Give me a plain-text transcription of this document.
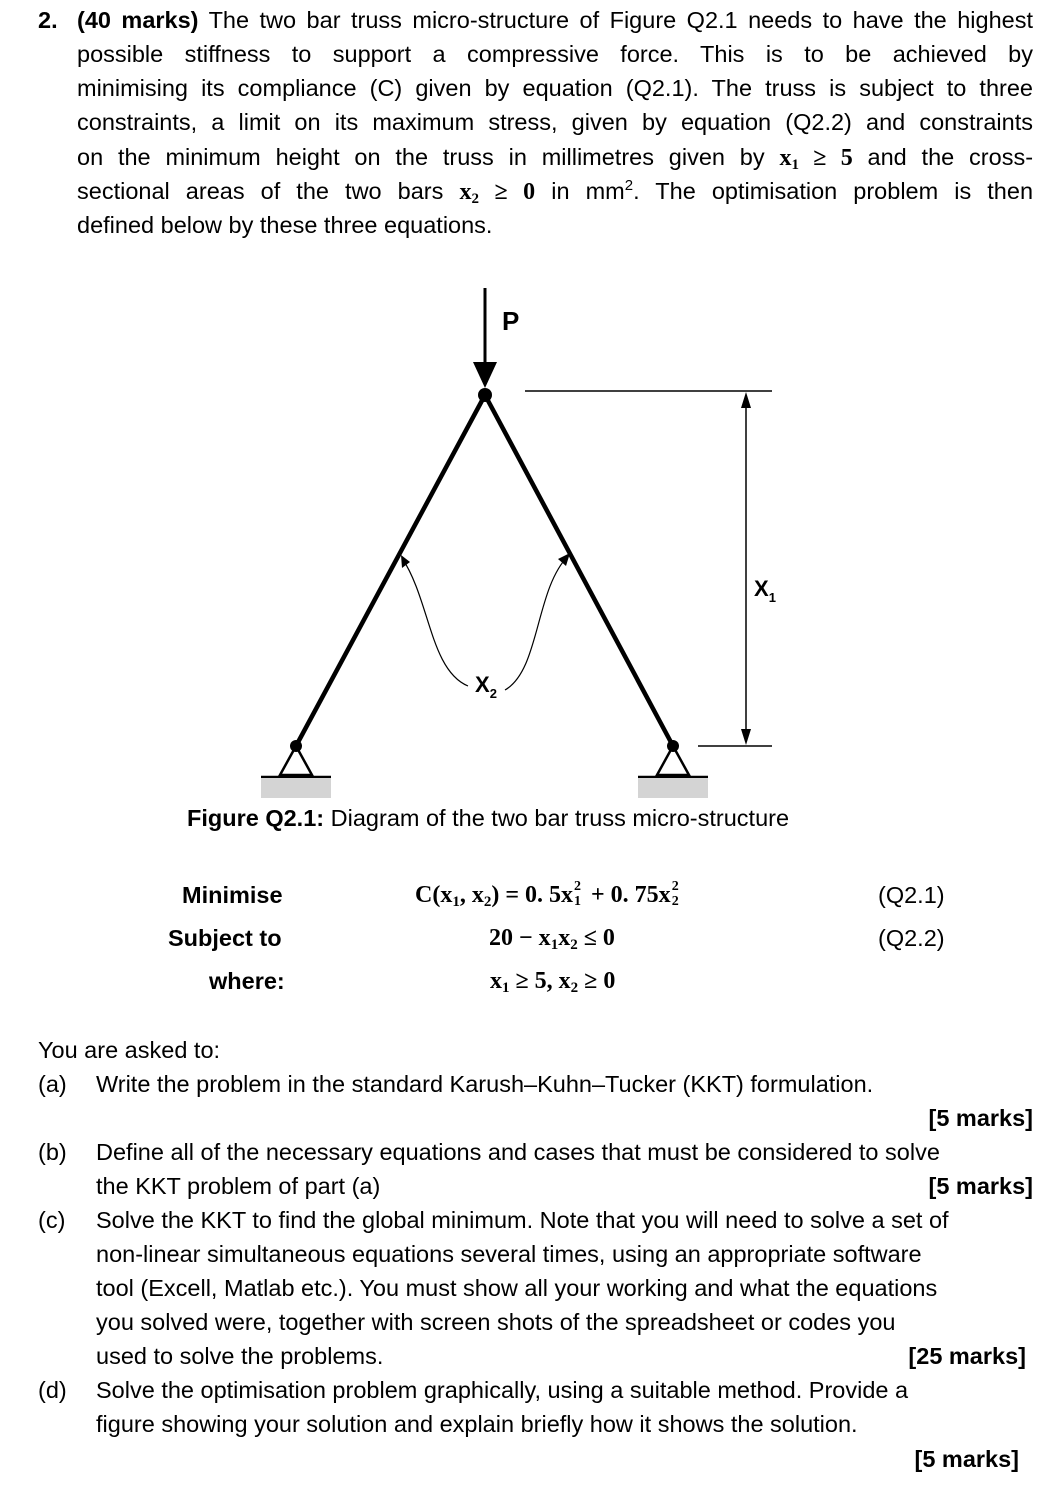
2. (40 marks) The two bar truss micro-structure of Figure Q2.1 needs to have the highest
possible stiffness to support a compressive force. This is to be achieved by
minimising its compliance (C) given by equation (Q2.1). The truss is subject to three
constraints, a limit on its maximum stress, given by equation (Q2.2) and constraints
on the minimum height on the truss in millimetres given by $x_1 \ge 5$ and the cross-
sectional areas of the two bars $x_2 \ge 0$ in $mm^2$. The optimisation problem is then
defined below by these three equations.
P
$X_1$
$X_2$
Figure Q2.1: Diagram of the two bar truss micro-structure
Minimise
Subject to
where:
$C(x_1$, $x_2) = 0$. 5x 2
1 + 0. 75x 2
2
$20 - x_1x_2 \le 0$
$x_1 \ge 5$, $x_2 \ge 0$
(Q2.1)
(Q2.2)
You are asked to:
(a) Write the problem in the standard Karush–Kuhn–Tucker (KKT) formulation.
[5 marks]
(b) Define all of the necessary equations and cases that must be considered to solve
the KKT problem of part (a)	[5 marks]
(c) Solve the KKT to find the global minimum. Note that you will need to solve a set of
non-linear simultaneous equations several times, using an appropriate software
tool (Excell, Matlab etc.). You must show all your working and what the equations
you solved were, together with screen shots of the spreadsheet or codes you
used to solve the problems.	[25 marks]
(d) Solve the optimisation problem graphically, using a suitable method. Provide a
figure showing your solution and explain briefly how it shows the solution.
[5 marks]
